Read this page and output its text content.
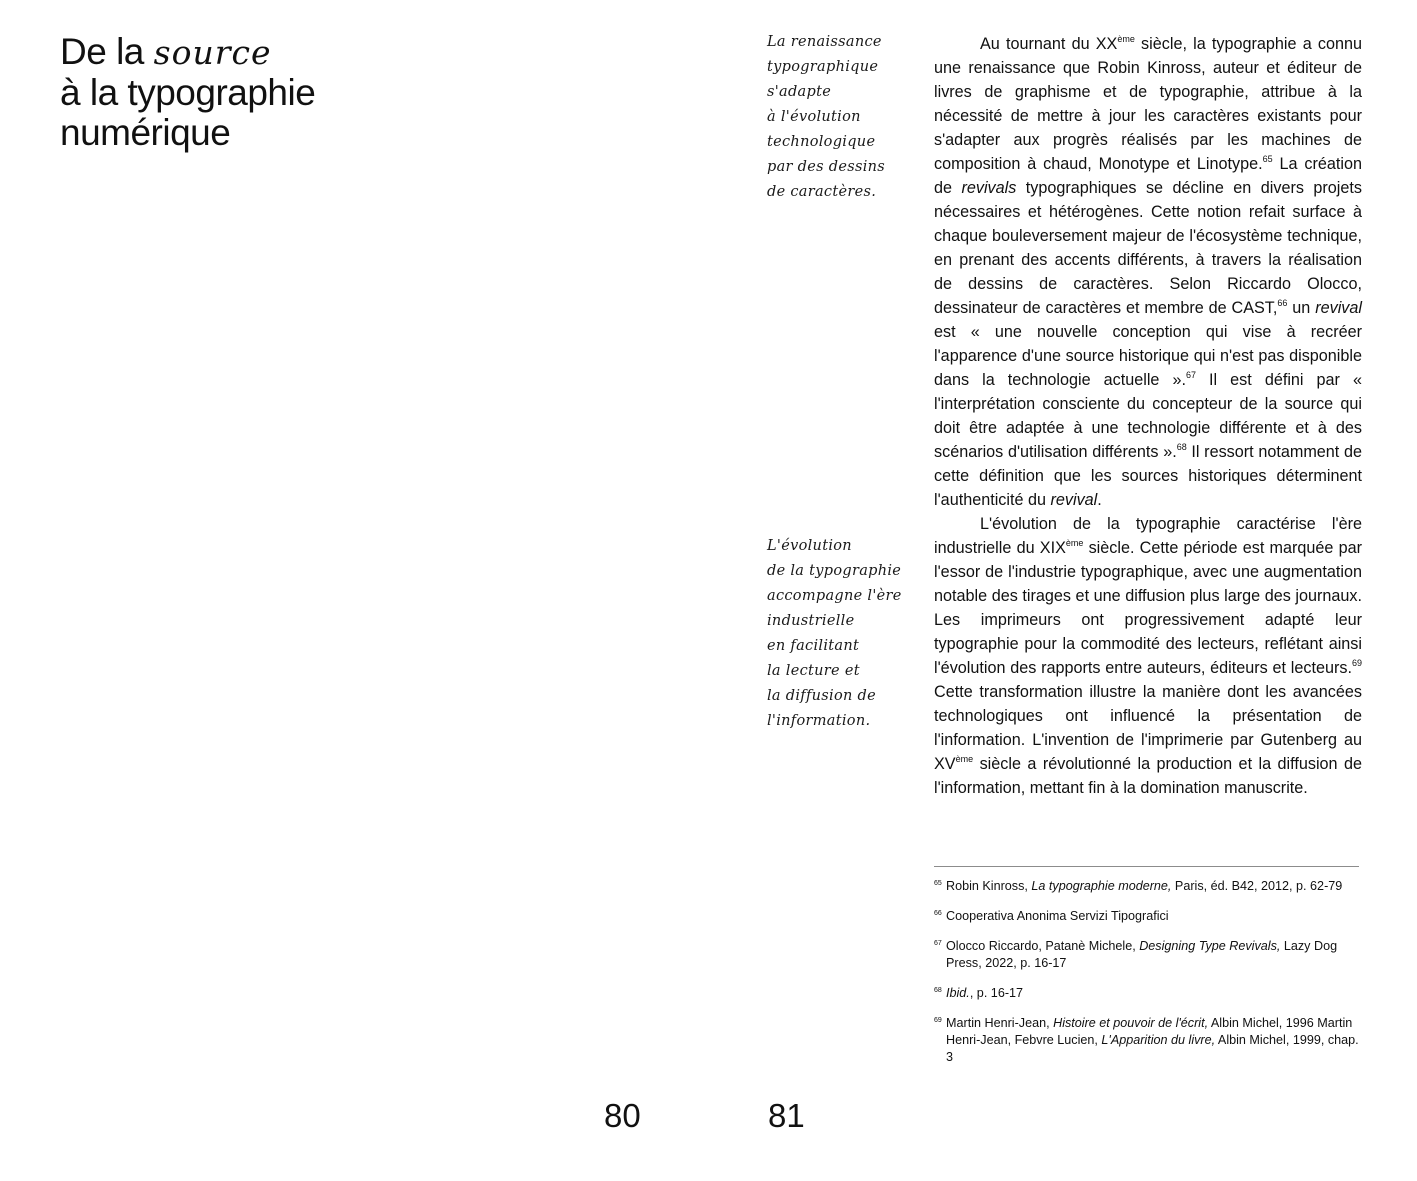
De la source
à la typographie
numérique
La renaissance
typographique
s'adapte
à l'évolution
technologique
par des dessins
de caractères.
L'évolution
de la typographie
accompagne l'ère
industrielle
en facilitant
la lecture et
la diffusion de
l'information.

Au tournant du XXème siècle, la typographie a connu une renaissance que Robin Kinross, auteur et éditeur de livres de graphisme et de typographie, attribue à la nécessité de mettre à jour les caractères existants pour s'adapter aux progrès réalisés par les machines de composition à chaud, Monotype et Linotype.$^{65}$ La création de revivals typographiques se décline en divers projets nécessaires et hétérogènes. Cette notion refait surface à chaque bouleversement majeur de l'écosystème technique, en prenant des accents différents, à travers la réalisation de dessins de caractères. Selon Riccardo Olocco, dessinateur de caractères et membre de CAST,$^{66}$ un revival est « une nouvelle conception qui vise à recréer l'apparence d'une source historique qui n'est pas disponible dans la technologie actuelle ».$^{67}$ Il est défini par « l'interprétation consciente du concepteur de la source qui doit être adaptée à une technologie différente et à des scénarios d'utilisation différents ».$^{68}$ Il ressort notamment de cette définition que les sources historiques déterminent l'authenticité du revival.

L'évolution de la typographie caractérise l'ère industrielle du XIXème siècle. Cette période est marquée par l'essor de l'industrie typographique, avec une augmentation notable des tirages et une diffusion plus large des journaux. Les imprimeurs ont progressivement adapté leur typographie pour la commodité des lecteurs, reflétant ainsi l'évolution des rapports entre auteurs, éditeurs et lecteurs.$^{69}$ Cette transformation illustre la manière dont les avancées technologiques ont influencé la présentation de l'information. L'invention de l'imprimerie par Gutenberg au XVème siècle a révolutionné la production et la diffusion de l'information, mettant fin à la domination manuscrite.

65 Robin Kinross, La typographie moderne, Paris, éd. B42, 2012, p. 62-79
66 Cooperativa Anonima Servizi Tipografici
67 Olocco Riccardo, Patanè Michele, Designing Type Revivals, Lazy Dog Press, 2022, p. 16-17
68 Ibid., p. 16-17
69 Martin Henri-Jean, Histoire et pouvoir de l'écrit, Albin Michel, 1996 Martin Henri-Jean, Febvre Lucien, L'Apparition du livre, Albin Michel, 1999, chap. 3
80	81
